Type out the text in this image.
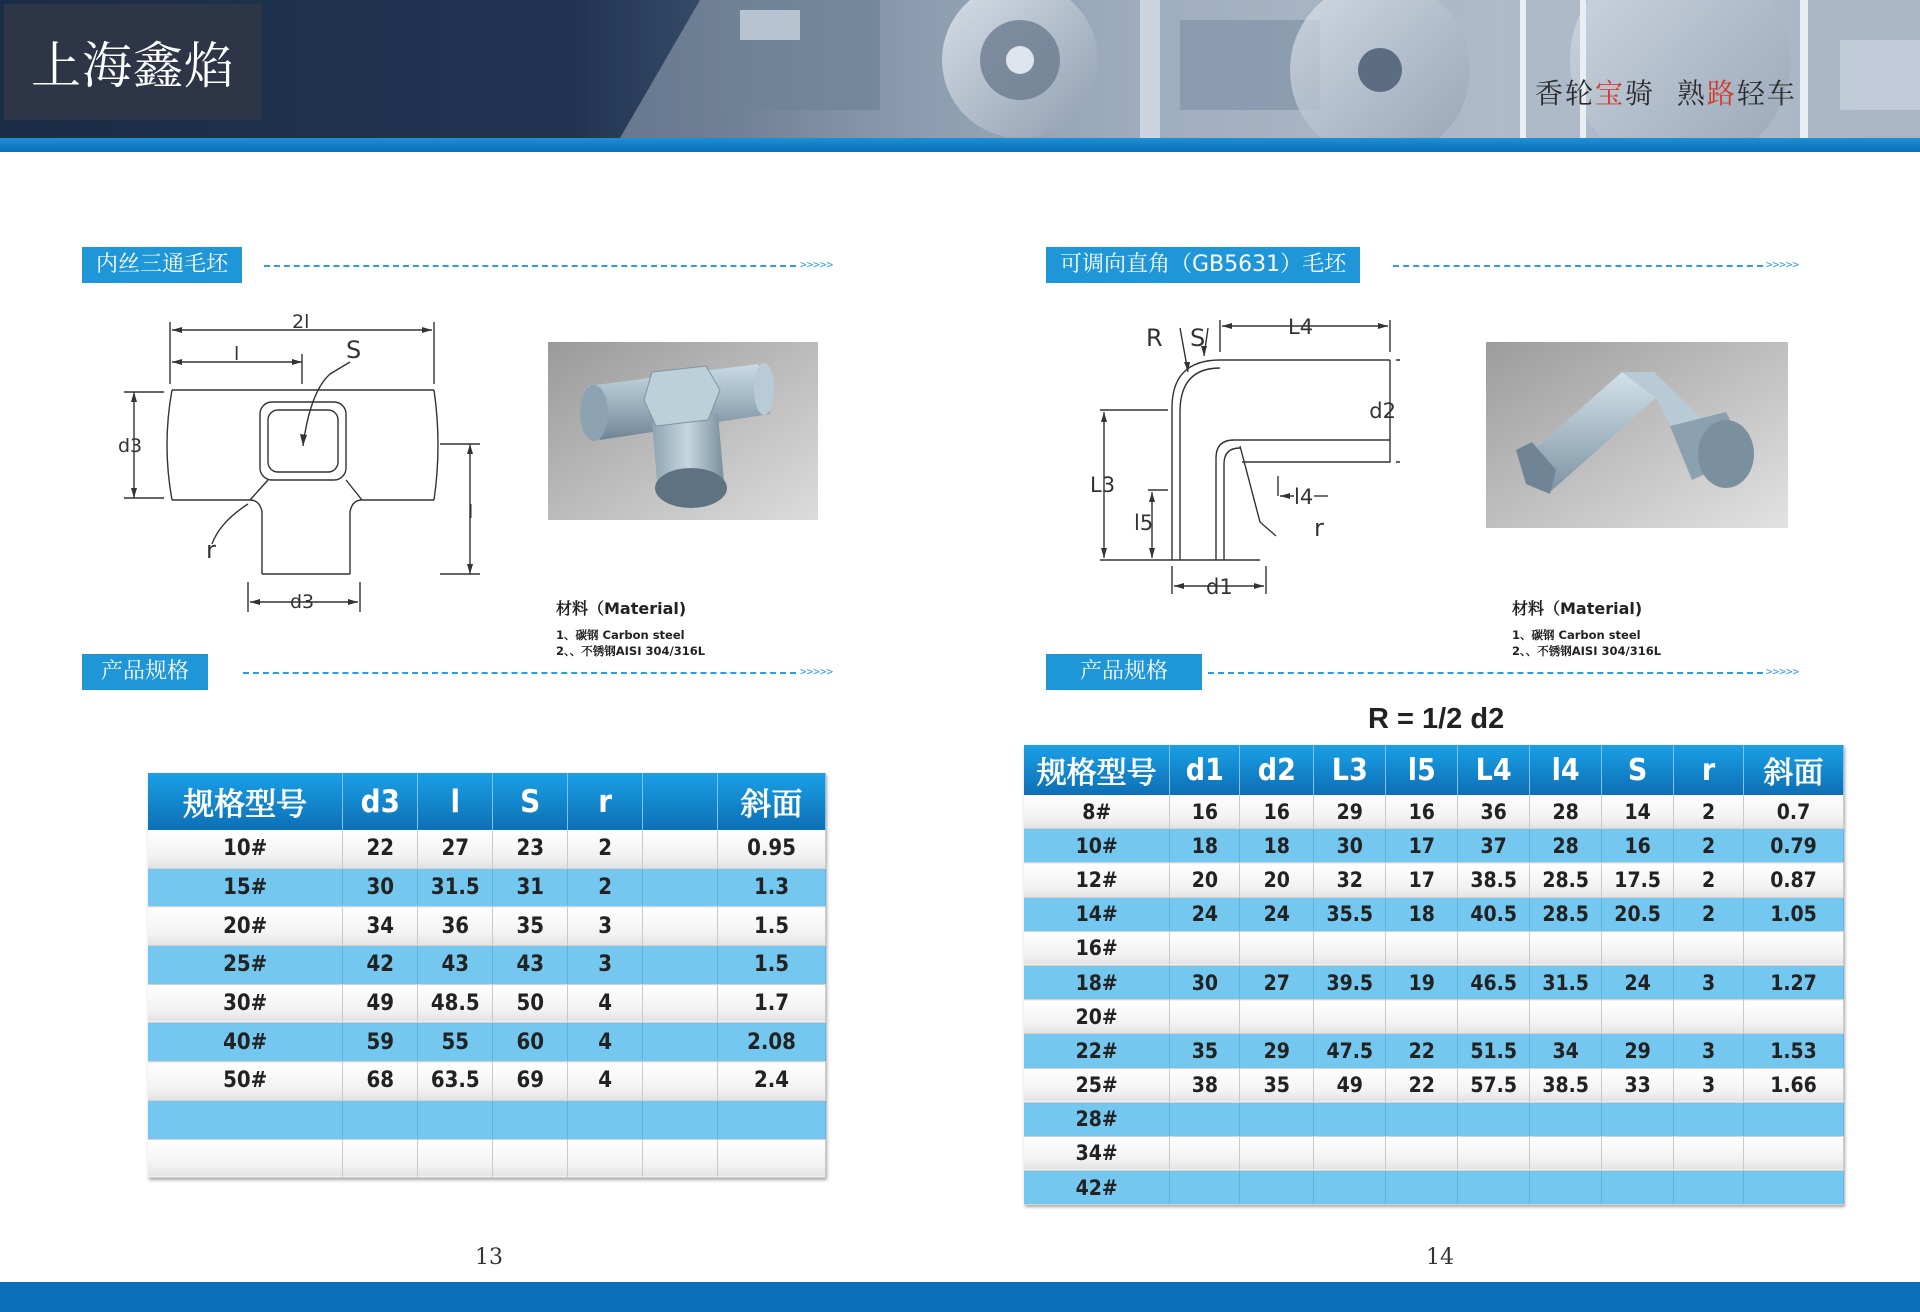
上海鑫焰	香轮宝骑  熟路轻车
内丝三通毛坯	>>>>>
2l
l	S
d3
r
d3
l
材料（Material)
1、碳钢 Carbon steel
2、、不锈钢AISI 304/316L
产品规格	>>>>>
规格型号	d3	l	S	r		斜面
10#	22	27	23	2		0.95
15#	30	31.5	31	2		1.3
20#	34	36	35	3		1.5
25#	42	43	43	3		1.5
30#	49	48.5	50	4		1.7
40#	59	55	60	4		2.08
50#	68	63.5	69	4		2.4

13
可调向直角（GB5631）毛坯	>>>>>
R S	L4
d2
L3
l5
l4
r
d1
材料（Material)
1、碳钢 Carbon steel
2、、不锈钢AISI 304/316L
产品规格	>>>>>
R = 1/2 d2
规格型号	d1	d2	L3	l5	L4	l4	S	r	斜面
8#	16	16	29	16	36	28	14	2	0.7
10#	18	18	30	17	37	28	16	2	0.79
12#	20	20	32	17	38.5	28.5	17.5	2	0.87
14#	24	24	35.5	18	40.5	28.5	20.5	2	1.05
16#									
18#	30	27	39.5	19	46.5	31.5	24	3	1.27
20#									
22#	35	29	47.5	22	51.5	34	29	3	1.53
25#	38	35	49	22	57.5	38.5	33	3	1.66
28#									
34#									
42#									
14
